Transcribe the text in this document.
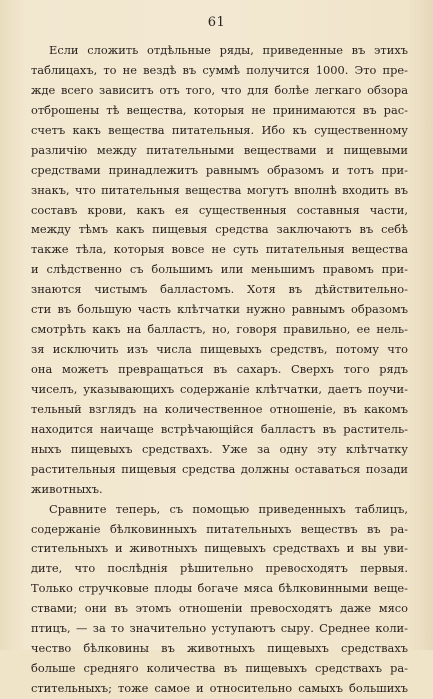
61
Если сложить отдѣльные ряды, приведенные въ этихъ
таблицахъ, то не вездѣ въ суммѣ получится 1000. Это пре-
жде всего зависитъ отъ того, что для болѣе легкаго обзора
отброшены тѣ вещества, которыя не принимаются въ рас-
счетъ какъ вещества питательныя. Ибо къ существенному
различію между питательными веществами и пищевыми
средствами принадлежитъ равнымъ образомъ и тотъ при-
знакъ, что питательныя вещества могутъ вполнѣ входить въ
составъ крови, какъ ея существенныя составныя части,
между тѣмъ какъ пищевыя средства заключаютъ въ себѣ
также тѣла, которыя вовсе не суть питательныя вещества
и слѣдственно съ большимъ или меньшимъ правомъ при-
знаются чистымъ балластомъ. Хотя въ дѣйствительно-
сти въ большую часть клѣтчатки нужно равнымъ образомъ
смотрѣть какъ на балластъ, но, говоря правильно, ее нель-
зя исключить изъ числа пищевыхъ средствъ, потому что
она можетъ превращаться въ сахаръ. Сверхъ того рядъ
чиселъ, указывающихъ содержаніе клѣтчатки, даетъ поучи-
тельный взглядъ на количественное отношеніе, въ какомъ
находится наичаще встрѣчающійся балластъ въ раститель-
ныхъ пищевыхъ средствахъ. Уже за одну эту клѣтчатку
растительныя пищевыя средства должны оставаться позади
животныхъ.
Сравните теперь, съ помощью приведенныхъ таблицъ,
содержаніе бѣлковинныхъ питательныхъ веществъ въ ра-
стительныхъ и животныхъ пищевыхъ средствахъ и вы уви-
дите, что послѣднія рѣшительно превосходятъ первыя.
Только стручковые плоды богаче мяса бѣлковинными веще-
ствами; они въ этомъ отношеніи превосходятъ даже мясо
птицъ, — за то значительно уступаютъ сыру. Среднее коли-
чество бѣлковины въ животныхъ пищевыхъ средствахъ
больше средняго количества въ пищевыхъ средствахъ ра-
стительныхъ; тоже самое и относительно самыхъ большихъ
